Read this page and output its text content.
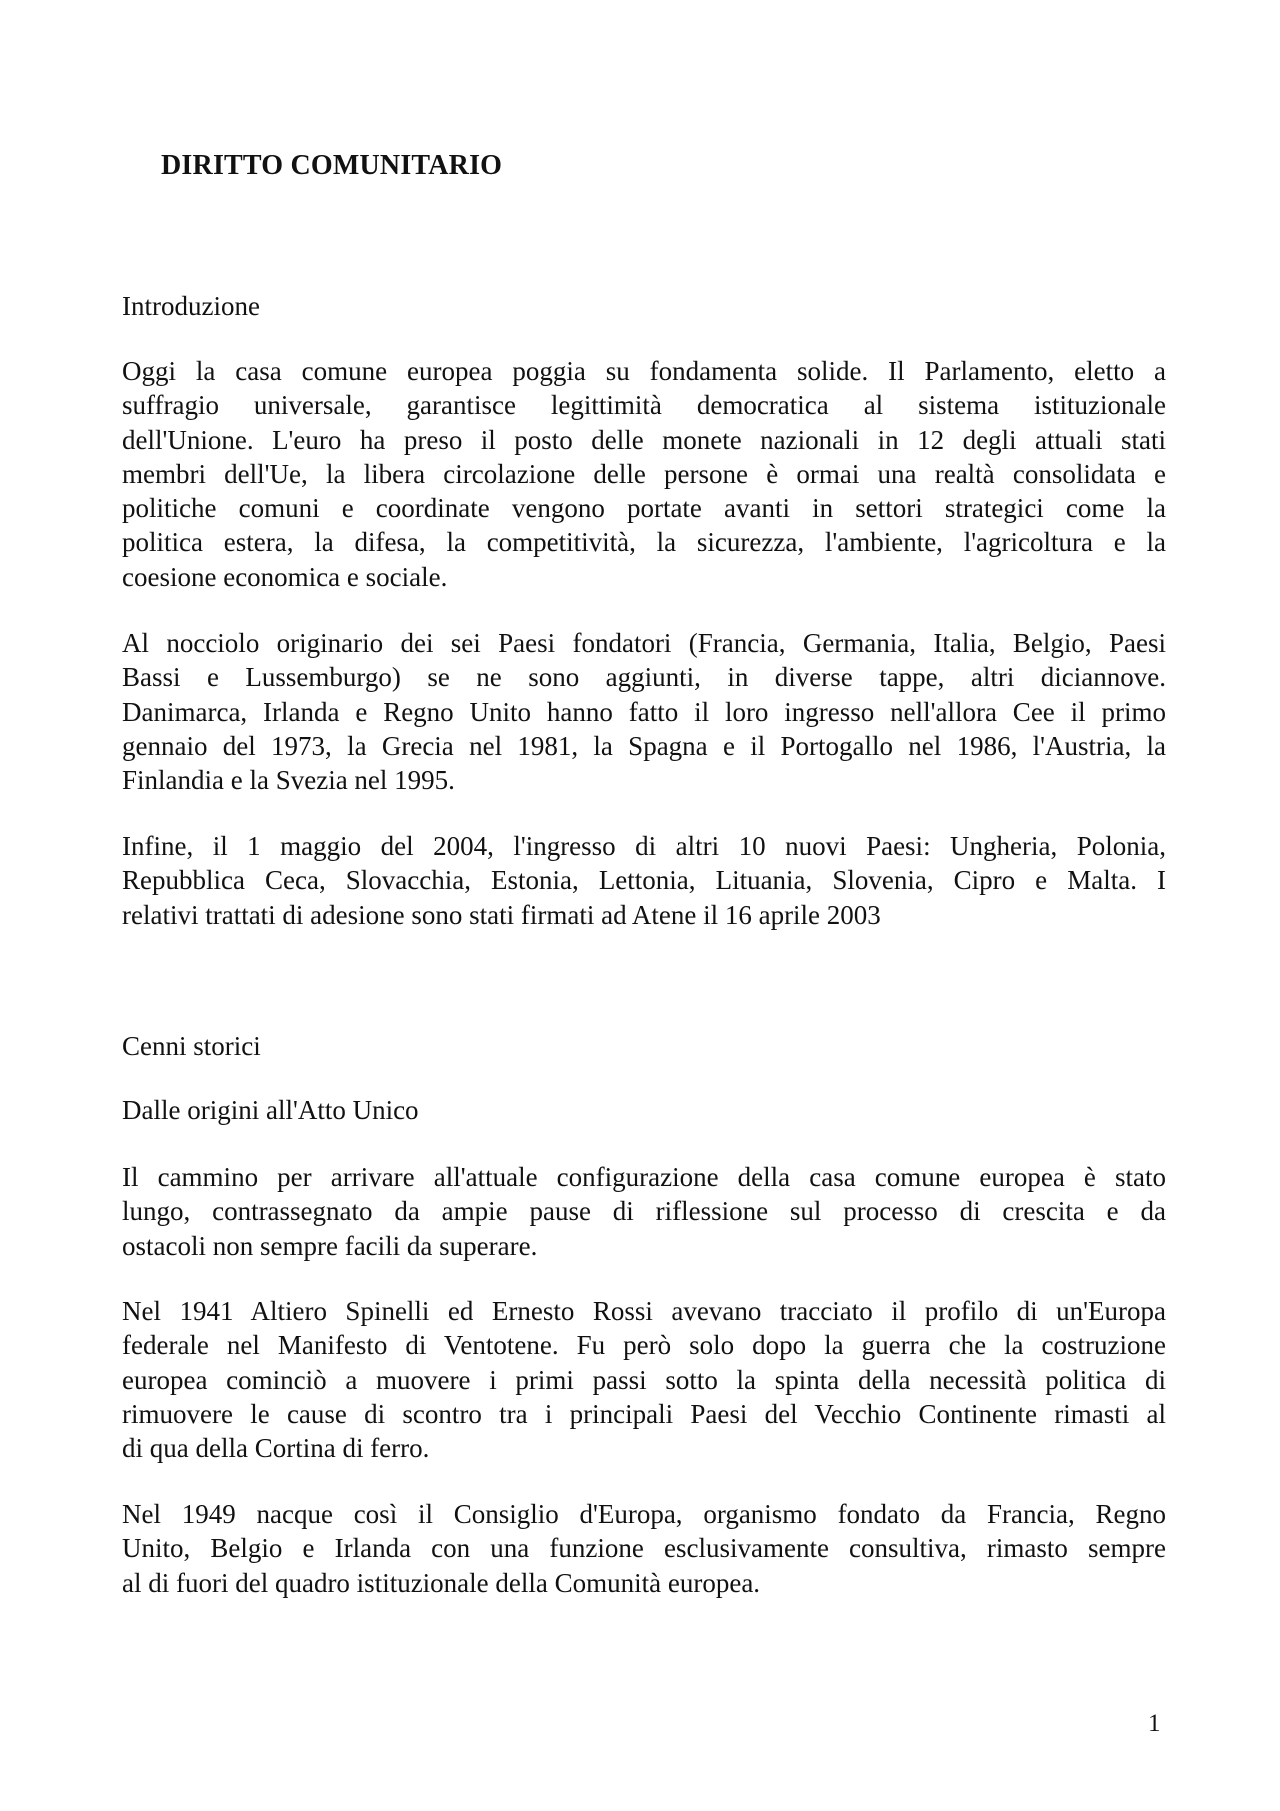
DIRITTO COMUNITARIO
Introduzione

Oggi la casa comune europea poggia su fondamenta solide. Il Parlamento, eletto a
suffragio universale, garantisce legittimità democratica al sistema istituzionale
dell'Unione. L'euro ha preso il posto delle monete nazionali in 12 degli attuali stati
membri dell'Ue, la libera circolazione delle persone è ormai una realtà consolidata e
politiche comuni e coordinate vengono portate avanti in settori strategici come la
politica estera, la difesa, la competitività, la sicurezza, l'ambiente, l'agricoltura e la
coesione economica e sociale.

Al nocciolo originario dei sei Paesi fondatori (Francia, Germania, Italia, Belgio, Paesi
Bassi e Lussemburgo) se ne sono aggiunti, in diverse tappe, altri diciannove.
Danimarca, Irlanda e Regno Unito hanno fatto il loro ingresso nell'allora Cee il primo
gennaio del 1973, la Grecia nel 1981, la Spagna e il Portogallo nel 1986, l'Austria, la
Finlandia e la Svezia nel 1995.

Infine, il 1 maggio del 2004, l'ingresso di altri 10 nuovi Paesi: Ungheria, Polonia,
Repubblica Ceca, Slovacchia, Estonia, Lettonia, Lituania, Slovenia, Cipro e Malta. I
relativi trattati di adesione sono stati firmati ad Atene il 16 aprile 2003

Cenni storici
Dalle origini all'Atto Unico

Il cammino per arrivare all'attuale configurazione della casa comune europea è stato
lungo, contrassegnato da ampie pause di riflessione sul processo di crescita e da
ostacoli non sempre facili da superare.

Nel 1941 Altiero Spinelli ed Ernesto Rossi avevano tracciato il profilo di un'Europa
federale nel Manifesto di Ventotene. Fu però solo dopo la guerra che la costruzione
europea cominciò a muovere i primi passi sotto la spinta della necessità politica di
rimuovere le cause di scontro tra i principali Paesi del Vecchio Continente rimasti al
di qua della Cortina di ferro.

Nel 1949 nacque così il Consiglio d'Europa, organismo fondato da Francia, Regno
Unito, Belgio e Irlanda con una funzione esclusivamente consultiva, rimasto sempre
al di fuori del quadro istituzionale della Comunità europea.

1
